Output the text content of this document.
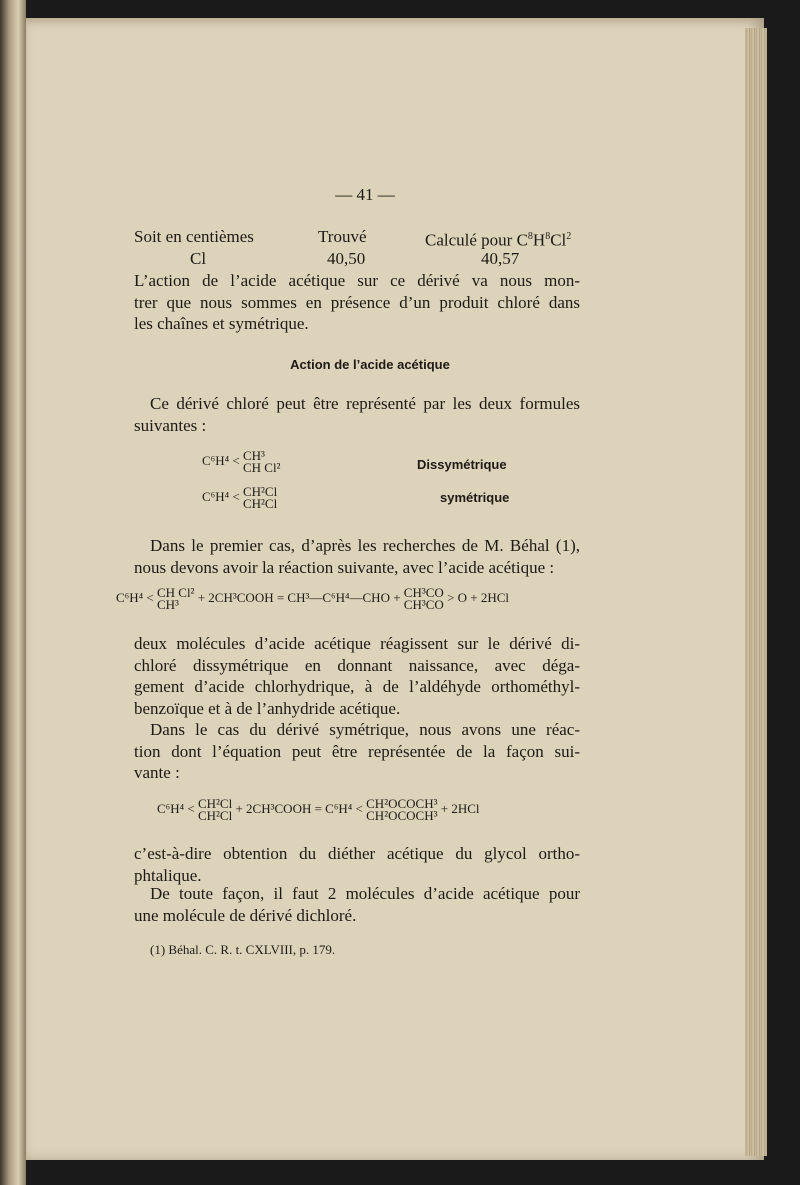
— 41 —
Soit en centièmes	Trouvé	Calculé pour $C^8H^8Cl^2$
Cl	40,50	40,57
L’action de l’acide acétique sur ce dérivé va nous mon-
trer que nous sommes en présence d’un produit chloré dans
les chaînes et symétrique.
Action de l’acide acétique
Ce dérivé chloré peut être représenté par les deux formules
suivantes :
C⁶H⁴ < CH³
CH Cl²	Dissymétrique
C⁶H⁴ < CH²Cl
CH²Cl	symétrique
Dans le premier cas, d’après les recherches de M. Béhal (1),
nous devons avoir la réaction suivante, avec l’acide acétique :
C⁶H⁴ < CH Cl²
CH³	+ 2CH³COOH = CH³—C⁶H⁴—CHO + CH³CO
CH³CO > O + 2HCl
deux molécules d’acide acétique réagissent sur le dérivé di-
chloré dissymétrique en donnant naissance, avec déga-
gement d’acide chlorhydrique, à de l’aldéhyde orthométhyl-
benzoïque et à de l’anhydride acétique.
Dans le cas du dérivé symétrique, nous avons une réac-
tion dont l’équation peut être représentée de la façon sui-
vante :
C⁶H⁴ < CH²Cl
CH²Cl + 2CH³COOH = C⁶H⁴ < CH²OCOCH³
CH²OCOCH³ + 2HCl
c’est-à-dire obtention du diéther acétique du glycol ortho-
phtalique.
De toute façon, il faut 2 molécules d’acide acétique pour
une molécule de dérivé dichloré.
(1) Béhal. C. R. t. CXLVIII, p. 179.
